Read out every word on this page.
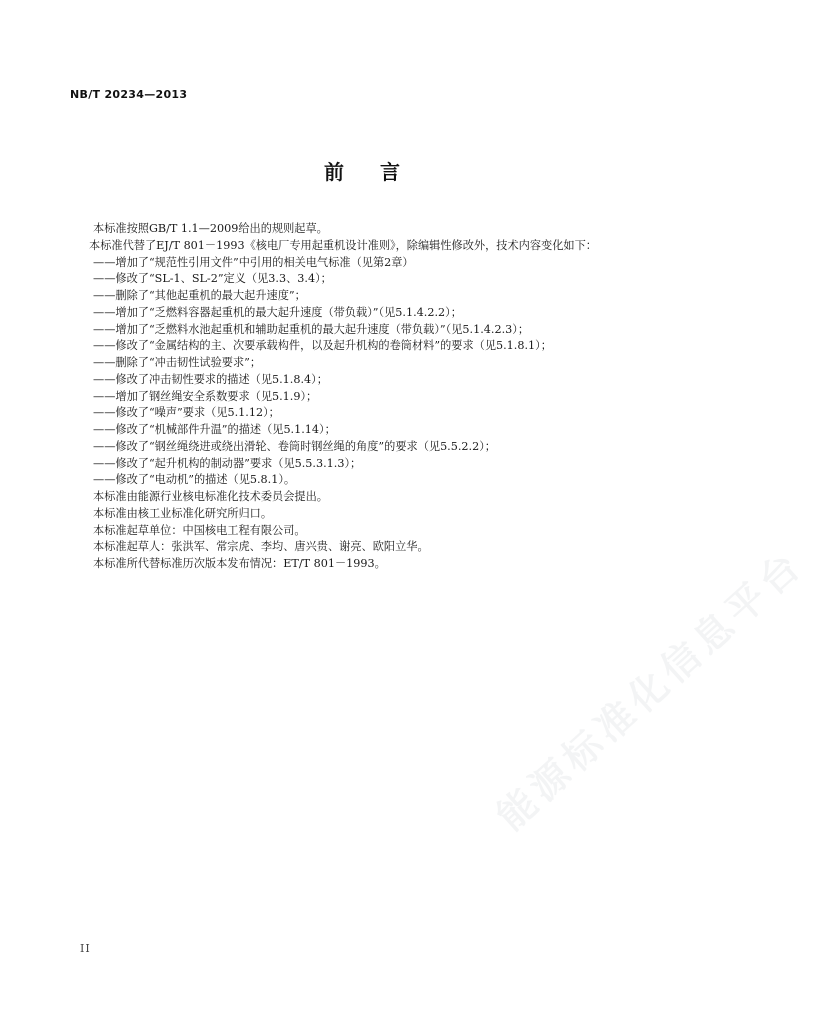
NB/T 20234—2013
前言

本标准按照GB/T 1.1—2009给出的规则起草。

本标准代替了EJ/T 801－1993《核电厂专用起重机设计准则》，除编辑性修改外，技术内容变化如下：

——增加了“规范性引用文件”中引用的相关电气标准（见第2章）

——修改了“SL-1、SL-2”定义（见3.3、3.4）；

——删除了“其他起重机的最大起升速度”；

——增加了“乏燃料容器起重机的最大起升速度（带负载）”（见5.1.4.2.2）；

——增加了“乏燃料水池起重机和辅助起重机的最大起升速度（带负载）”（见5.1.4.2.3）；

——修改了“金属结构的主、次要承载构件，以及起升机构的卷筒材料”的要求（见5.1.8.1）；

——删除了“冲击韧性试验要求”；

——修改了冲击韧性要求的描述（见5.1.8.4）；

——增加了钢丝绳安全系数要求（见5.1.9）；

——修改了“噪声”要求（见5.1.12）；

——修改了“机械部件升温”的描述（见5.1.14）；

——修改了“钢丝绳绕进或绕出滑轮、卷筒时钢丝绳的角度”的要求（见5.5.2.2）；

——修改了“起升机构的制动器”要求（见5.5.3.1.3）；

——修改了“电动机”的描述（见5.8.1）。

本标准由能源行业核电标准化技术委员会提出。

本标准由核工业标准化研究所归口。

本标准起草单位：中国核电工程有限公司。

本标准起草人：张洪军、常宗虎、李均、唐兴贵、谢亮、欧阳立华。

本标准所代替标准历次版本发布情况：ET/T 801－1993。	能源标准化信息平台
II
